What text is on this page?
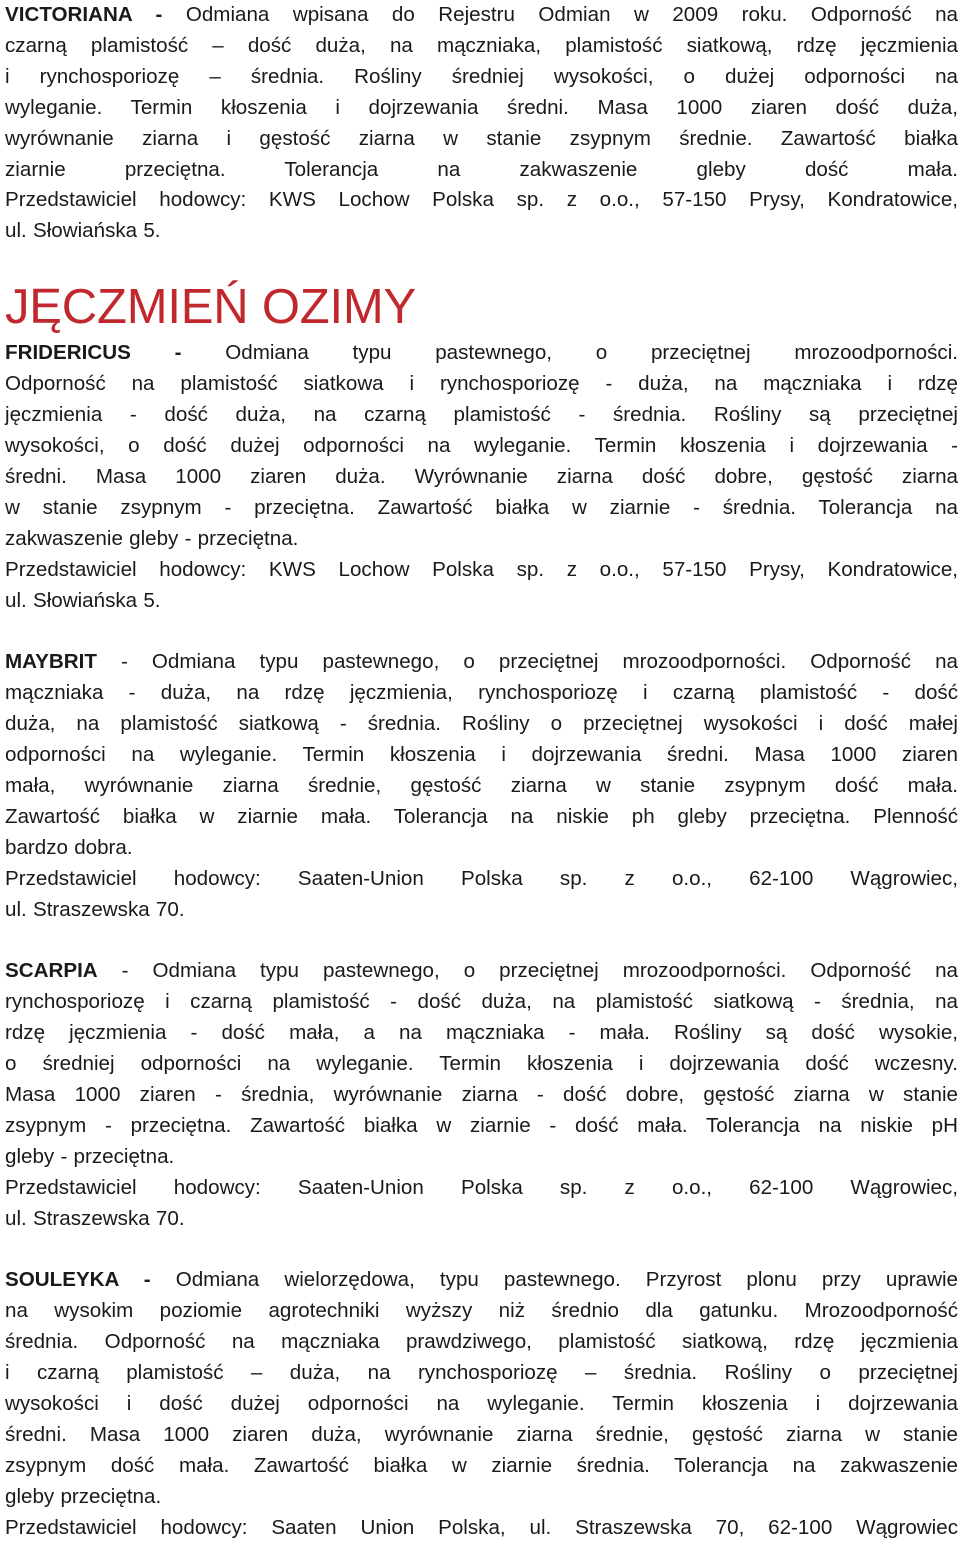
VICTORIANA - Odmiana wpisana do Rejestru Odmian w 2009 roku. Odporność na
czarną plamistość – dość duża, na mączniaka, plamistość siatkową, rdzę jęczmienia
i rynchosporiozę – średnia. Rośliny średniej wysokości, o dużej odporności na
wyleganie. Termin kłoszenia i dojrzewania średni. Masa 1000 ziaren dość duża,
wyrównanie ziarna i gęstość ziarna w stanie zsypnym średnie. Zawartość białka
ziarnie przeciętna. Tolerancja na zakwaszenie gleby dość mała.
Przedstawiciel hodowcy: KWS Lochow Polska sp. z o.o., 57-150 Prysy, Kondratowice,
ul. Słowiańska 5.
JĘCZMIEŃ OZIMY
FRIDERICUS - Odmiana typu pastewnego, o przeciętnej mrozoodporności.
Odporność na plamistość siatkowa i rynchosporiozę - duża, na mączniaka i rdzę
jęczmienia - dość duża, na czarną plamistość - średnia. Rośliny są przeciętnej
wysokości, o dość dużej odporności na wyleganie. Termin kłoszenia i dojrzewania -
średni. Masa 1000 ziaren duża. Wyrównanie ziarna dość dobre, gęstość ziarna
w stanie zsypnym - przeciętna. Zawartość białka w ziarnie - średnia. Tolerancja na
zakwaszenie gleby - przeciętna.
Przedstawiciel hodowcy: KWS Lochow Polska sp. z o.o., 57-150 Prysy, Kondratowice,
ul. Słowiańska 5.
MAYBRIT - Odmiana typu pastewnego, o przeciętnej mrozoodporności. Odporność na
mączniaka - duża, na rdzę jęczmienia, rynchosporiozę i czarną plamistość - dość
duża, na plamistość siatkową - średnia. Rośliny o przeciętnej wysokości i dość małej
odporności na wyleganie. Termin kłoszenia i dojrzewania średni. Masa 1000 ziaren
mała, wyrównanie ziarna średnie, gęstość ziarna w stanie zsypnym dość mała.
Zawartość białka w ziarnie mała. Tolerancja na niskie ph gleby przeciętna. Plenność
bardzo dobra.
Przedstawiciel hodowcy: Saaten-Union Polska sp. z o.o., 62-100 Wągrowiec,
ul. Straszewska 70.
SCARPIA - Odmiana typu pastewnego, o przeciętnej mrozoodporności. Odporność na
rynchosporiozę i czarną plamistość - dość duża, na plamistość siatkową - średnia, na
rdzę jęczmienia - dość mała, a na mączniaka - mała. Rośliny są dość wysokie,
o średniej odporności na wyleganie. Termin kłoszenia i dojrzewania dość wczesny.
Masa 1000 ziaren - średnia, wyrównanie ziarna - dość dobre, gęstość ziarna w stanie
zsypnym - przeciętna. Zawartość białka w ziarnie - dość mała. Tolerancja na niskie pH
gleby - przeciętna.
Przedstawiciel hodowcy: Saaten-Union Polska sp. z o.o., 62-100 Wągrowiec,
ul. Straszewska 70.
SOULEYKA - Odmiana wielorzędowa, typu pastewnego. Przyrost plonu przy uprawie
na wysokim poziomie agrotechniki wyższy niż średnio dla gatunku. Mrozoodporność
średnia. Odporność na mączniaka prawdziwego, plamistość siatkową, rdzę jęczmienia
i czarną plamistość – duża, na rynchosporiozę – średnia. Rośliny o przeciętnej
wysokości i dość dużej odporności na wyleganie. Termin kłoszenia i dojrzewania
średni. Masa 1000 ziaren duża, wyrównanie ziarna średnie, gęstość ziarna w stanie
zsypnym dość mała. Zawartość białka w ziarnie średnia. Tolerancja na zakwaszenie
gleby przeciętna.
Przedstawiciel hodowcy: Saaten Union Polska, ul. Straszewska 70, 62-100 Wągrowiec
